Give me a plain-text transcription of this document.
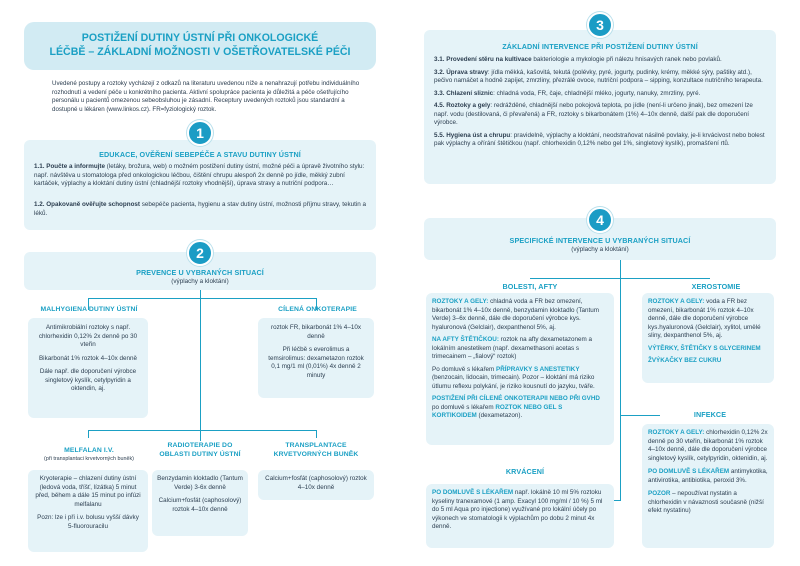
POSTIŽENÍ DUTINY ÚSTNÍ PŘI ONKOLOGICKÉ
LÉČBĚ – ZÁKLADNÍ MOŽNOSTI V OŠETŘOVATELSKÉ PÉČI
Uvedené postupy a roztoky vycházejí z odkazů na literaturu uvedenou níže a nenahrazují potřebu individuálního rozhodnutí a vedení péče u konkrétního pacienta. Aktivní spolupráce pacienta je důležitá a péče ošetřujícího personálu u pacientů omezenou sebeobsluhou je zásadní. Receptury uvedených roztoků jsou standardní a dostupné u lékáren (www.linkos.cz). FR=fyziologický roztok.
1
EDUKACE, OVĚŘENÍ SEBEPÉČE A STAVU DUTINY ÚSTNÍ
1.1. Poučte a informujte (letáky, brožura, web) o možném postižení dutiny ústní, možné péči a úpravě životního stylu: např. návštěva u stomatologa před onkologickou léčbou, čištění chrupu alespoň 2x denně po jídle, měkký zubní kartáček, výplachy a kloktání dutiny ústní (chladnější roztoky vhodnější), úprava stravy a nutriční podpora…
1.2. Opakovaně ověřujte schopnost sebepéče pacienta, hygienu a stav dutiny ústní, možnosti příjmu stravy, tekutin a léků.
2
PREVENCE U VYBRANÝCH SITUACÍ
(výplachy a kloktání)
MALHYGIENA DUTINY ÚSTNÍ
Antimikrobiální roztoky s např. chlorhexidin 0,12% 2x denně po 30 vteřin
Bikarbonát 1% roztok 4–10x denně
Dále např. dle doporučení výrobce singletový kyslík, cetylpyridin a oktendin, aj.
CÍLENÁ ONKOTERAPIE
roztok FR, bikarbonát 1% 4–10x denně
Při léčbě s everolimus a temsirolimus: dexametazon roztok 0,1 mg/1 ml (0,01%) 4x denně 2 minuty
MELFALAN I.V.
(při transplantaci krvetvorných buněk)
Kryoterapie – chlazení dutiny ústní (ledová voda, tříšť, lízátka) 5 minut před, během a dále 15 minut po infúzi melfalanu
Pozn: lze i při i.v. bolusu vyšší dávky 5-fluorouracilu
RADIOTERAPIE DO
OBLASTI DUTINY ÚSTNÍ
Benzydamin kloktadlo (Tantum Verde) 3-6x denně
Calcium+fosfát (caphosolový) roztok 4–10x denně
TRANSPLANTACE
KRVETVORNÝCH BUNĚK
Calcium+fosfát (caphosolový) roztok 4–10x denně
3
ZÁKLADNÍ INTERVENCE PŘI POSTIŽENÍ DUTINY ÚSTNÍ
3.1. Provedení stěru na kultivace bakteriologie a mykologie při nálezu hnisavých ranek nebo povlaků.
3.2. Úprava stravy: jídla měkká, kašovitá, tekutá (polévky, pyré, jogurty, pudinky, krémy, měkké sýry, paštiky atd.), pečivo namáčet a hodně zapíjet, zmrzliny, přezrálé ovoce, nutriční podpora – sipping, konzultace nutričního terapeuta.
3.3. Chlazení sliznic: chladná voda, FR, čaje, chladnější mléko, jogurty, nanuky, zmrzliny, pyré.
4.5. Roztoky a gely: redrážděné, chladnější nebo pokojová teplota, po jídle (není-li určeno jinak), bez omezení lze např. vodu (destilovaná, či převařená) a FR, roztoky s bikarbonátem (1%) 4–10x denně, další pak dle doporučení výrobce.
5.5. Hygiena úst a chrupu: pravidelně, výplachy a kloktání, neodstraňovat násilně povlaky, je-li krvácivost nebo bolest pak výplachy a ořírání štětičkou (např. chlorhexidin 0,12% nebo gel 1%, singletový kyslík), promašťení rtů.
4
SPECIFICKÉ INTERVENCE U VYBRANÝCH SITUACÍ
(výplachy a kloktání)
BOLESTI, AFTY
ROZTOKY A GELY: chladná voda a FR bez omezení, bikarbonát 1% 4–10x denně, benzydamin kloktadlo (Tantum Verde) 3–6x denně, dále dle doporučení výrobce kys. hyaluronová (Gelclair), dexpanthenol 5%, aj.
NA AFTY ŠTĚTIČKOU: roztok na afty dexametazonem a lokálním anestetikem (např. dexamethasoni acetas s trimecainem – „fialový“ roztok)
Po domluvě s lékařem PŘÍPRAVKY S ANESTETIKY (benzocain, lidocain, trimecain). Pozor – kloktání má riziko útlumu reflexu polykání, je riziko kousnutí do jazyku, tváře.
POSTIŽENÍ PŘI CÍLENÉ ONKOTERAPII NEBO PŘI GVHD po domluvě s lékařem ROZTOK NEBO GEL S KORTIKOIDEM (dexametazon).
KRVÁCENÍ
PO DOMLUVĚ S LÉKAŘEM např. lokálně 10 ml 5% roztoku kyseliny tranexamové (1 amp. Exacyl 100 mg/ml / 10 %) 5 ml do 5 ml Aqua pro injectione) využívané pro lokální účely po výkonech ve stomatologii k výplachům po dobu 2 minut 4x denně.
XEROSTOMIE
ROZTOKY A GELY: voda a FR bez omezení, bikarbonát 1% roztok 4–10x denně, dále dle doporučení výrobce kys.hyaluronová (Gelclair), xylitol, umělé sliny, dexpanthenol 5%, aj.
VÝTĚRKY, ŠTĚTIČKY S GLYCERINEM
ŽVÝKAČKY BEZ CUKRU
INFEKCE
ROZTOKY A GELY: chlorhexidin 0,12% 2x denně po 30 vteřin, bikarbonát 1% roztok 4–10x denně, dále dle doporučení výrobce singletový kyslík, cetylpyridin, oktenidin, aj.
PO DOMLUVĚ S LÉKAŘEM antimykotika, antivirotika, antibiotika, peroxid 3%.
POZOR – nepoužívat nystatin a chlorhexidin v návaznosti současně (nižší efekt nystatinu)
